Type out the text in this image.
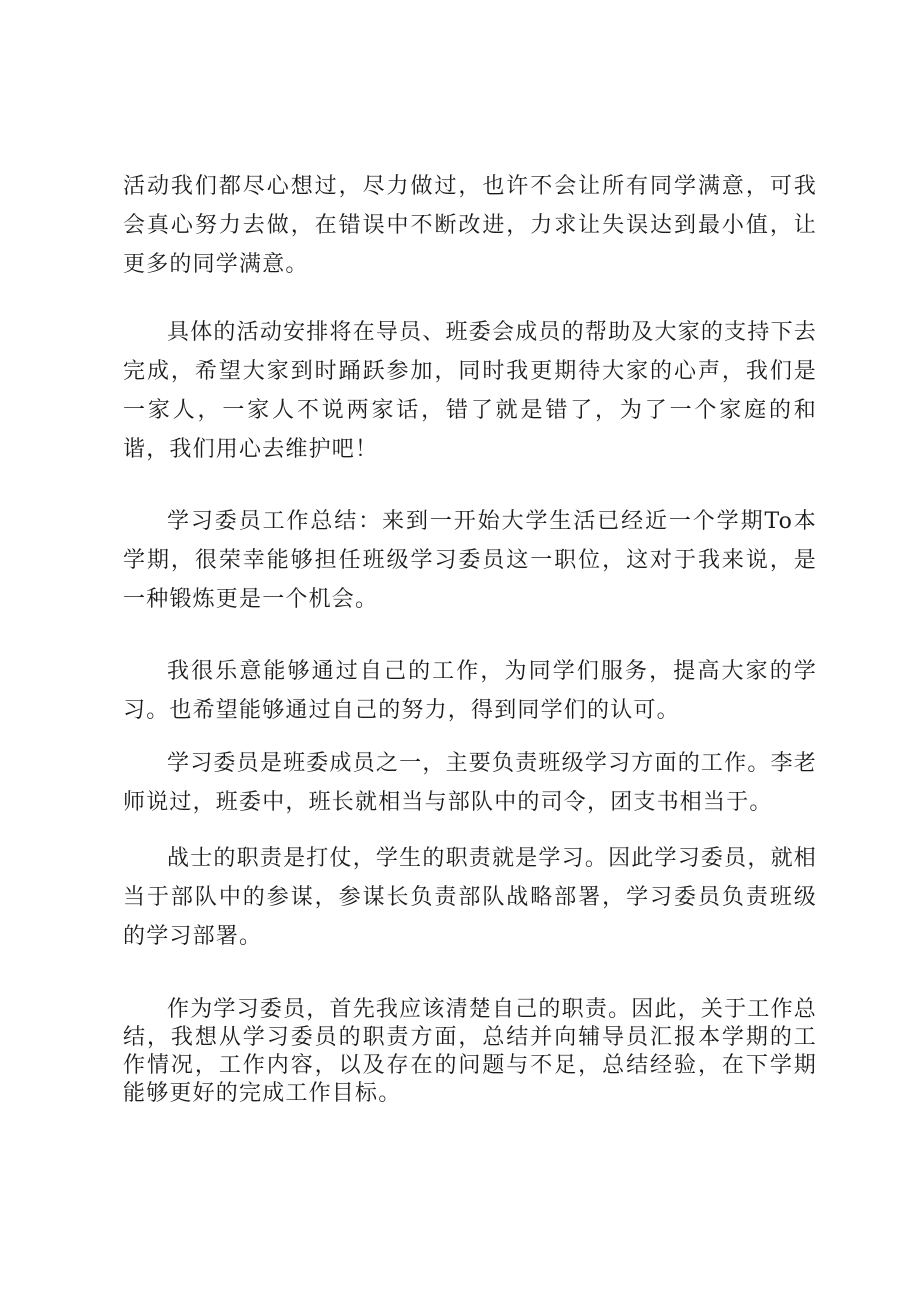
活动我们都尽心想过，尽力做过，也许不会让所有同学满意，可我会真心努力去做，在错误中不断改进，力求让失误达到最小值，让更多的同学满意。

具体的活动安排将在导员、班委会成员的帮助及大家的支持下去完成，希望大家到时踊跃参加，同时我更期待大家的心声，我们是一家人，一家人不说两家话，错了就是错了，为了一个家庭的和谐，我们用心去维护吧！

学习委员工作总结：来到一开始大学生活已经近一个学期To本学期，很荣幸能够担任班级学习委员这一职位，这对于我来说，是一种锻炼更是一个机会。

我很乐意能够通过自己的工作，为同学们服务，提高大家的学习。也希望能够通过自己的努力，得到同学们的认可。

学习委员是班委成员之一，主要负责班级学习方面的工作。李老师说过，班委中，班长就相当与部队中的司令，团支书相当于。

战士的职责是打仗，学生的职责就是学习。因此学习委员，就相当于部队中的参谋，参谋长负责部队战略部署，学习委员负责班级的学习部署。

作为学习委员，首先我应该清楚自己的职责。因此，关于工作总结，我想从学习委员的职责方面，总结并向辅导员汇报本学期的工作情况，工作内容，以及存在的问题与不足，总结经验，在下学期能够更好的完成工作目标。
